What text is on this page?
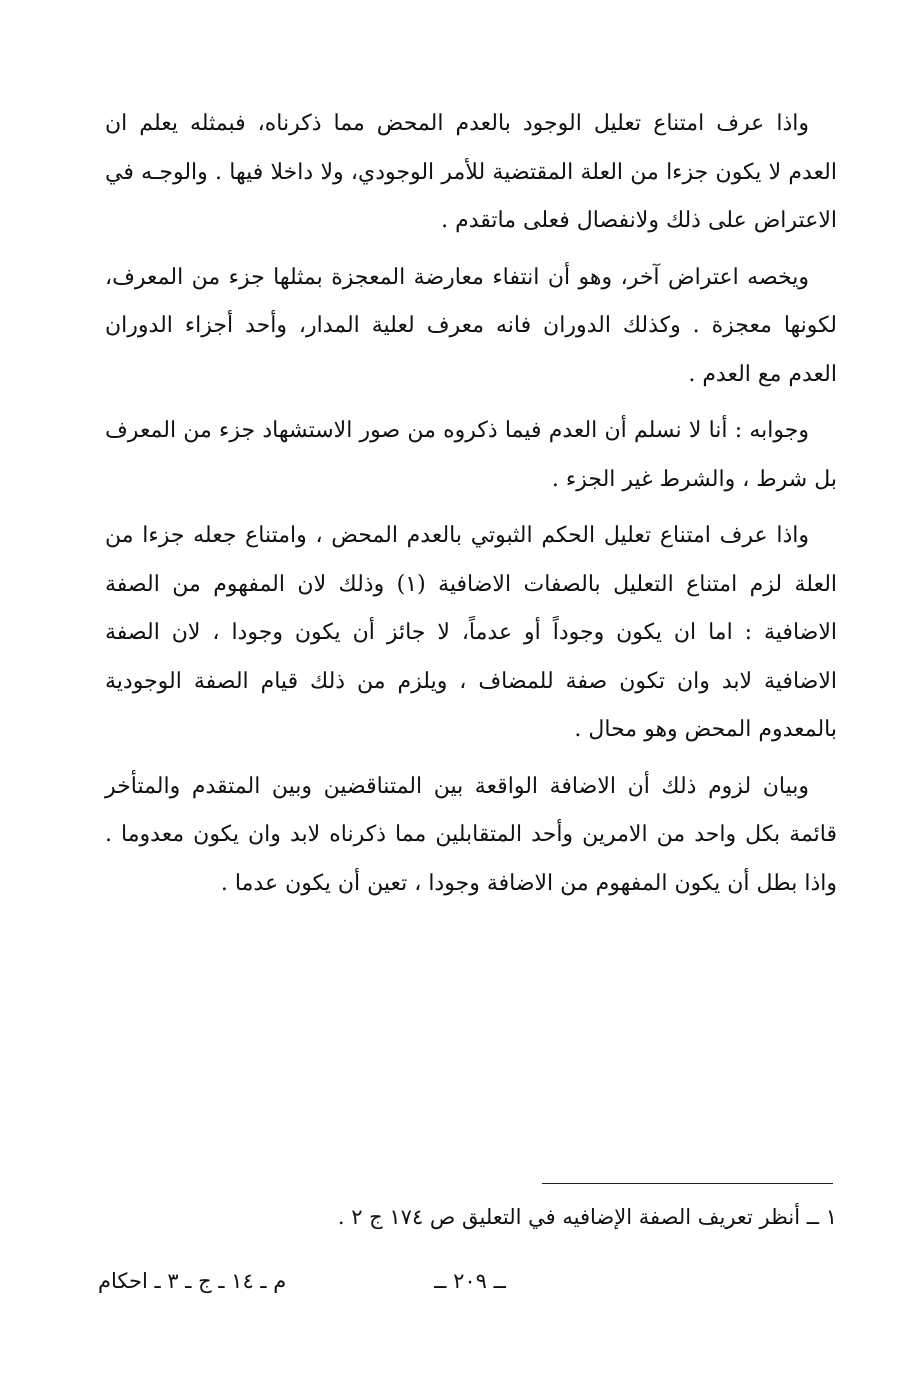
واذا عرف امتناع تعليل الوجود بالعدم المحض مما ذكرناه، فبمثله يعلم ان العدم لا يكون جزءا من العلة المقتضية للأمر الوجودي، ولا داخلا فيها . والوجـه في الاعتراض على ذلك ولانفصال فعلى ماتقدم .

ويخصه اعتراض آخر، وهو أن انتفاء معارضة المعجزة بمثلها جزء من المعرف، لكونها معجزة . وكذلك الدوران فانه معرف لعلية المدار، وأحد أجزاء الدوران العدم مع العدم .

وجوابه : أنا لا نسلم أن العدم فيما ذكروه من صور الاستشهاد جزء من المعرف بل شرط ، والشرط غير الجزء .

واذا عرف امتناع تعليل الحكم الثبوتي بالعدم المحض ، وامتناع جعله جزءا من العلة لزم امتناع التعليل بالصفات الاضافية (١) وذلك لان المفهوم من الصفة الاضافية : اما ان يكون وجوداً أو عدماً، لا جائز أن يكون وجودا ، لان الصفة الاضافية لابد وان تكون صفة للمضاف ، ويلزم من ذلك قيام الصفة الوجودية بالمعدوم المحض وهو محال .

وبيان لزوم ذلك أن الاضافة الواقعة بين المتناقضين وبين المتقدم والمتأخر قائمة بكل واحد من الامرين وأحد المتقابلين مما ذكرناه لابد وان يكون معدوما . واذا بطل أن يكون المفهوم من الاضافة وجودا ، تعين أن يكون عدما .

١ ــ أنظر تعريف الصفة الإضافيه في التعليق ص ١٧٤ ج ٢ .
ــ ٢٠٩ ــ
م ـ ١٤ ـ ج ـ ٣ ـ احكام
